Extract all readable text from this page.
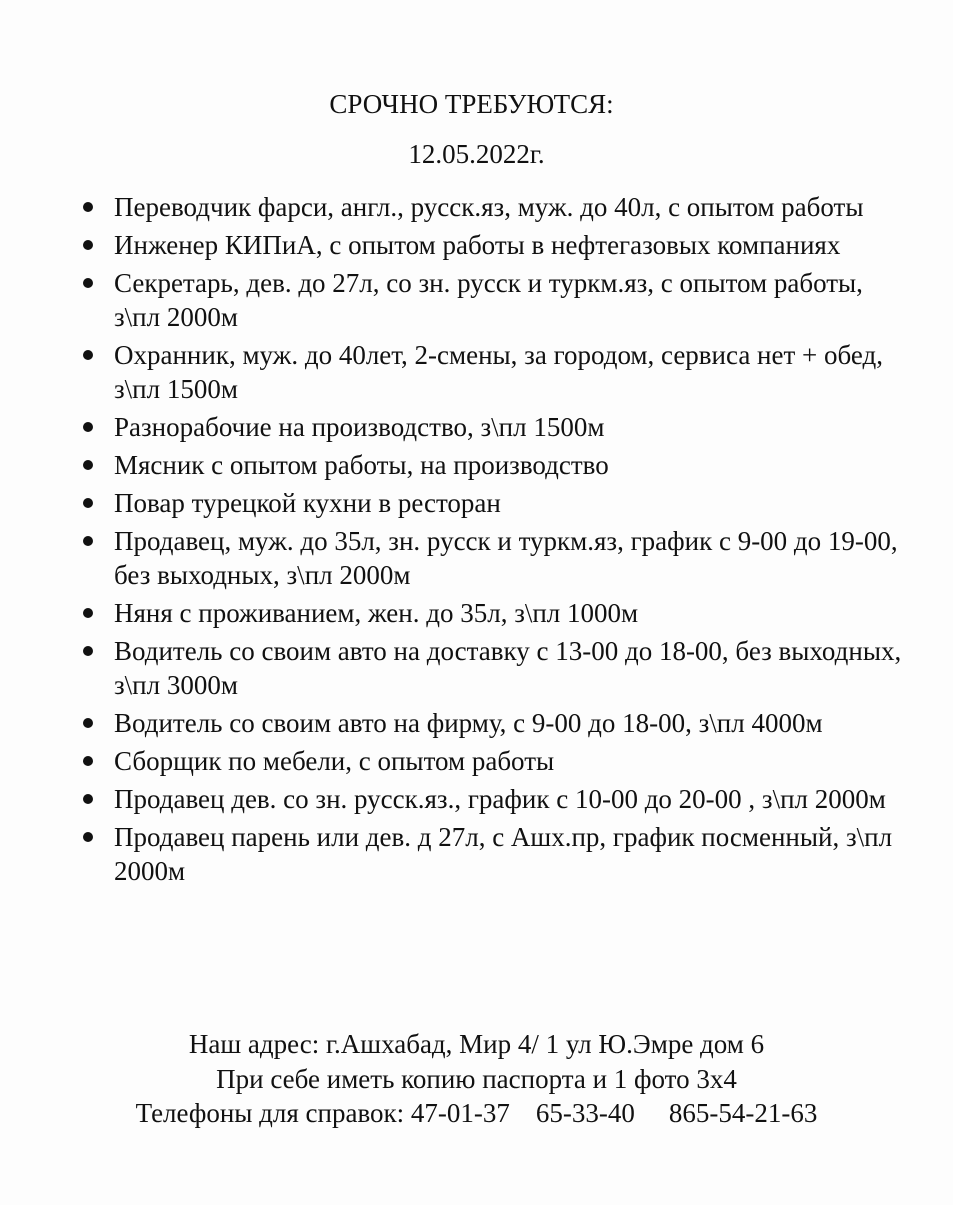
СРОЧНО ТРЕБУЮТСЯ:
12.05.2022г.
Переводчик фарси, англ., русск.яз, муж. до 40л, с опытом работы
Инженер КИПиА, с опытом работы в нефтегазовых компаниях
Секретарь, дев. до 27л, со зн. русск и туркм.яз, с опытом работы, з\пл 2000м
Охранник, муж. до 40лет, 2-смены, за городом, сервиса нет + обед, з\пл 1500м
Разнорабочие на производство, з\пл 1500м
Мясник с опытом работы, на производство
Повар турецкой кухни в ресторан
Продавец, муж. до 35л, зн. русск и туркм.яз, график с 9-00 до 19-00, без выходных, з\пл 2000м
Няня с проживанием, жен. до 35л, з\пл 1000м
Водитель со своим авто на доставку с 13-00 до 18-00, без выходных, з\пл 3000м
Водитель со своим авто на фирму, с 9-00 до 18-00, з\пл 4000м
Сборщик по мебели, с опытом работы
Продавец дев. со зн. русск.яз., график с 10-00 до 20-00 , з\пл 2000м
Продавец парень или дев. д 27л, с Ашх.пр, график посменный, з\пл 2000м
Наш адрес: г.Ашхабад, Мир 4/ 1 ул Ю.Эмре дом 6
При себе иметь копию паспорта и 1 фото 3х4
Телефоны для справок: 47-01-37 65-33-40 865-54-21-63
